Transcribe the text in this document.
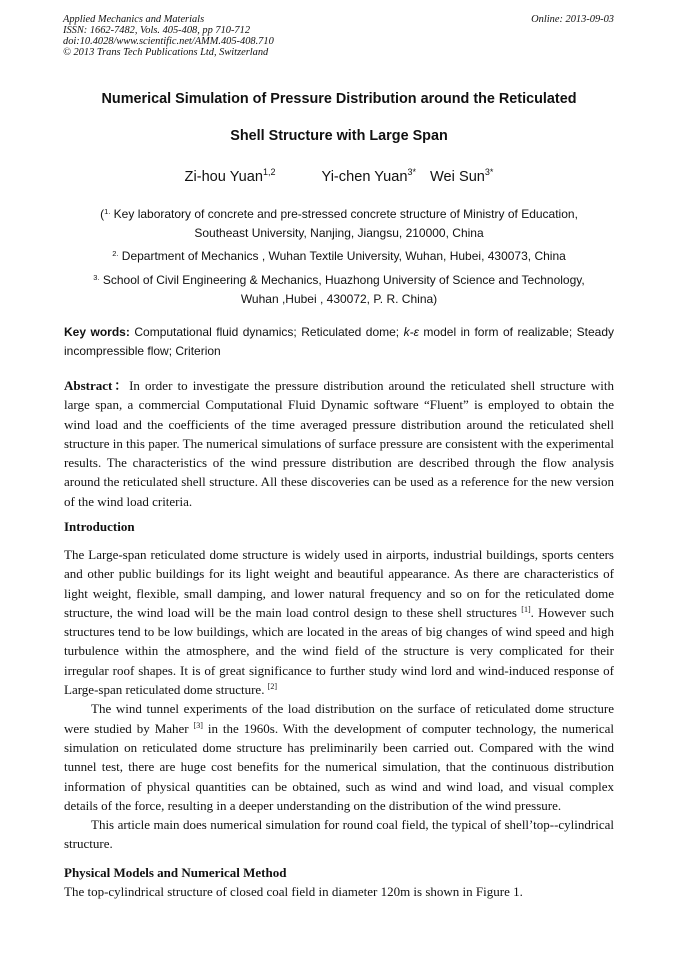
Applied Mechanics and Materials
ISSN: 1662-7482, Vols. 405-408, pp 710-712
doi:10.4028/www.scientific.net/AMM.405-408.710
© 2013 Trans Tech Publications Ltd, Switzerland
Online: 2013-09-03
Numerical Simulation of Pressure Distribution around the Reticulated
Shell Structure with Large Span
Zi-hou Yuan$^{1,2}$	Yi-chen Yuan$^{3*}$ Wei Sun$^{3*}$
($^{1.}$ Key laboratory of concrete and pre-stressed concrete structure of Ministry of Education,
Southeast University, Nanjing, Jiangsu, 210000, China
$^{2.}$ Department of Mechanics , Wuhan Textile University, Wuhan, Hubei, 430073, China
$^{3.}$ School of Civil Engineering & Mechanics, Huazhong University of Science and Technology,
Wuhan ,Hubei , 430072, P. R. China)
Key words: Computational fluid dynamics; Reticulated dome; k-ε model in form of realizable; Steady incompressible flow; Criterion
Abstract：In order to investigate the pressure distribution around the reticulated shell structure with large span, a commercial Computational Fluid Dynamic software “Fluent” is employed to obtain the wind load and the coefficients of the time averaged pressure distribution around the reticulated shell structure in this paper. The numerical simulations of surface pressure are consistent with the experimental results. The characteristics of the wind pressure distribution are described through the flow analysis around the reticulated shell structure. All these discoveries can be used as a reference for the new version of the wind load criteria.
Introduction

The Large-span reticulated dome structure is widely used in airports, industrial buildings, sports centers and other public buildings for its light weight and beautiful appearance. As there are characteristics of light weight, flexible, small damping, and lower natural frequency and so on for the reticulated dome structure, the wind load will be the main load control design to these shell structures [1]. However such structures tend to be low buildings, which are located in the areas of big changes of wind speed and high turbulence within the atmosphere, and the wind field of the structure is very complicated for their irregular roof shapes. It is of great significance to further study wind lord and wind-induced response of Large-span reticulated dome structure. [2]

The wind tunnel experiments of the load distribution on the surface of reticulated dome structure were studied by Maher [3] in the 1960s. With the development of computer technology, the numerical simulation on reticulated dome structure has preliminarily been carried out. Compared with the wind tunnel test, there are huge cost benefits for the numerical simulation, that the continuous distribution information of physical quantities can be obtained, such as wind and wind load, and visual complex details of the force, resulting in a deeper understanding on the distribution of the wind pressure.

This article main does numerical simulation for round coal field, the typical of shell’top--cylindrical structure.

Physical Models and Numerical Method
The top-cylindrical structure of closed coal field in diameter 120m is shown in Figure 1.
